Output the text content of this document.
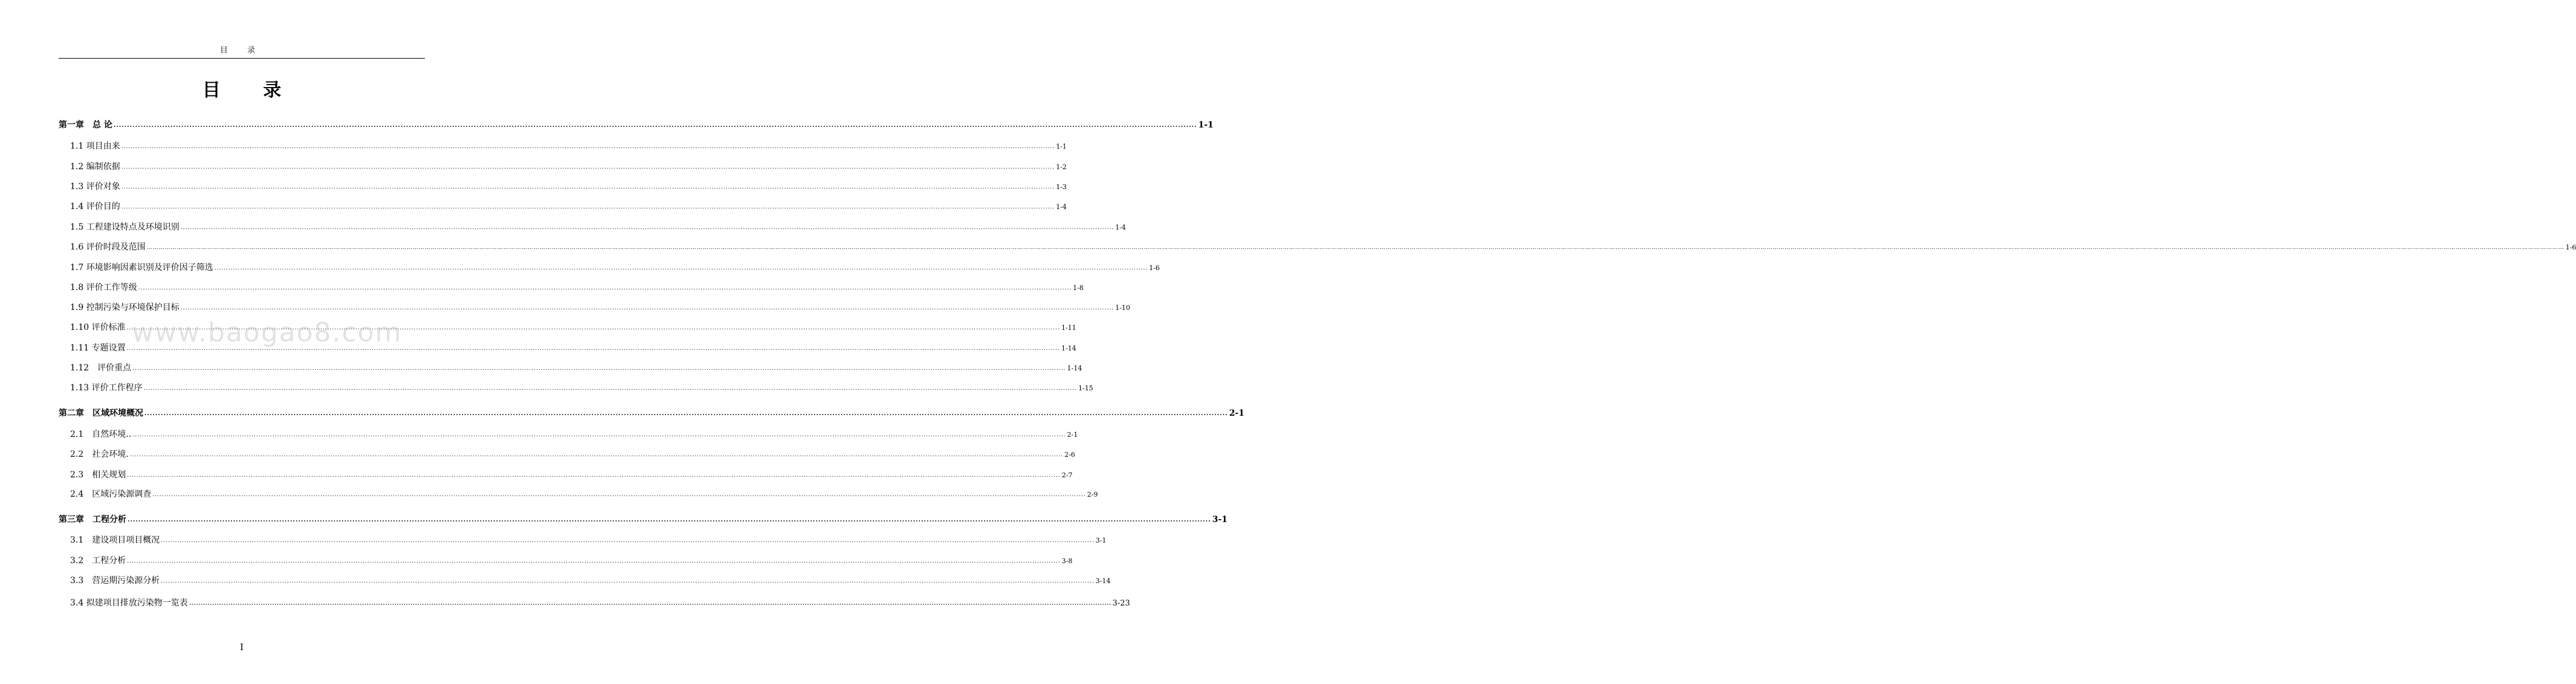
目 录
目 录
第一章　总 论 ................................................................................................................................................................................................................................................................................................................................................................................................................ 1-1
1.1 项目由来 ................................................................................................................................................................................................................................................................................................................................................................................................................ 1-1
1.2 编制依据 ................................................................................................................................................................................................................................................................................................................................................................................................................ 1-2
1.3 评价对象 ................................................................................................................................................................................................................................................................................................................................................................................................................ 1-3
1.4 评价目的 ................................................................................................................................................................................................................................................................................................................................................................................................................ 1-4
1.5 工程建设特点及环境识别 ................................................................................................................................................................................................................................................................................................................................................................................................................ 1-4
1.6 评价时段及范围 ………………………………………………………………………………………………………………………………………………………………………………………………………………………………………………………………………………………………………………………………………………………………………………………………………………………………………………………………………………………………………………………………………………………………………………………………………………………………………………………………………………………………………………………………………………………………………………………………………………………………………………………………………………………………………………………………………………………………………………………………………………………………………………………………………………………………………… 1-6
1.7 环境影响因素识别及评价因子筛选 ................................................................................................................................................................................................................................................................................................................................................................................................................ 1-6
1.8 评价工作等级 ................................................................................................................................................................................................................................................................................................................................................................................................................ 1-8
1.9 控制污染与环境保护目标 ................................................................................................................................................................................................................................................................................................................................................................................................................ 1-10
1.10 评价标准 ................................................................................................................................................................................................................................................................................................................................................................................................................ 1-11
1.11 专题设置 ................................................................................................................................................................................................................................................................................................................................................................................................................ 1-14
1.12　评价重点 ................................................................................................................................................................................................................................................................................................................................................................................................................ 1-14
1.13 评价工作程序 ................................................................................................................................................................................................................................................................................................................................................................................................................ 1-15
第二章　区域环境概况 ................................................................................................................................................................................................................................................................................................................................................................................................................ 2-1
2.1　自然环境.. ................................................................................................................................................................................................................................................................................................................................................................................................................ 2-1
2.2　社会环境. ................................................................................................................................................................................................................................................................................................................................................................................................................ 2-6
2.3　相关规划 ................................................................................................................................................................................................................................................................................................................................................................................................................ 2-7
2.4　区域污染源调查 ................................................................................................................................................................................................................................................................................................................................................................................................................ 2-9
第三章　工程分析 ................................................................................................................................................................................................................................................................................................................................................................................................................ 3-1
3.1　建设项目项目概况 ................................................................................................................................................................................................................................................................................................................................................................................................................ 3-1
3.2　工程分析 ................................................................................................................................................................................................................................................................................................................................................................................................................ 3-8
3.3　营运期污染源分析 ................................................................................................................................................................................................................................................................................................................................................................................................................ 3-14
3.4 拟建项目排放污染物一览表 ................................................................................................................................................................................................................................................................................................................................................................................................................ 3-23
www.baogao8.com
I
